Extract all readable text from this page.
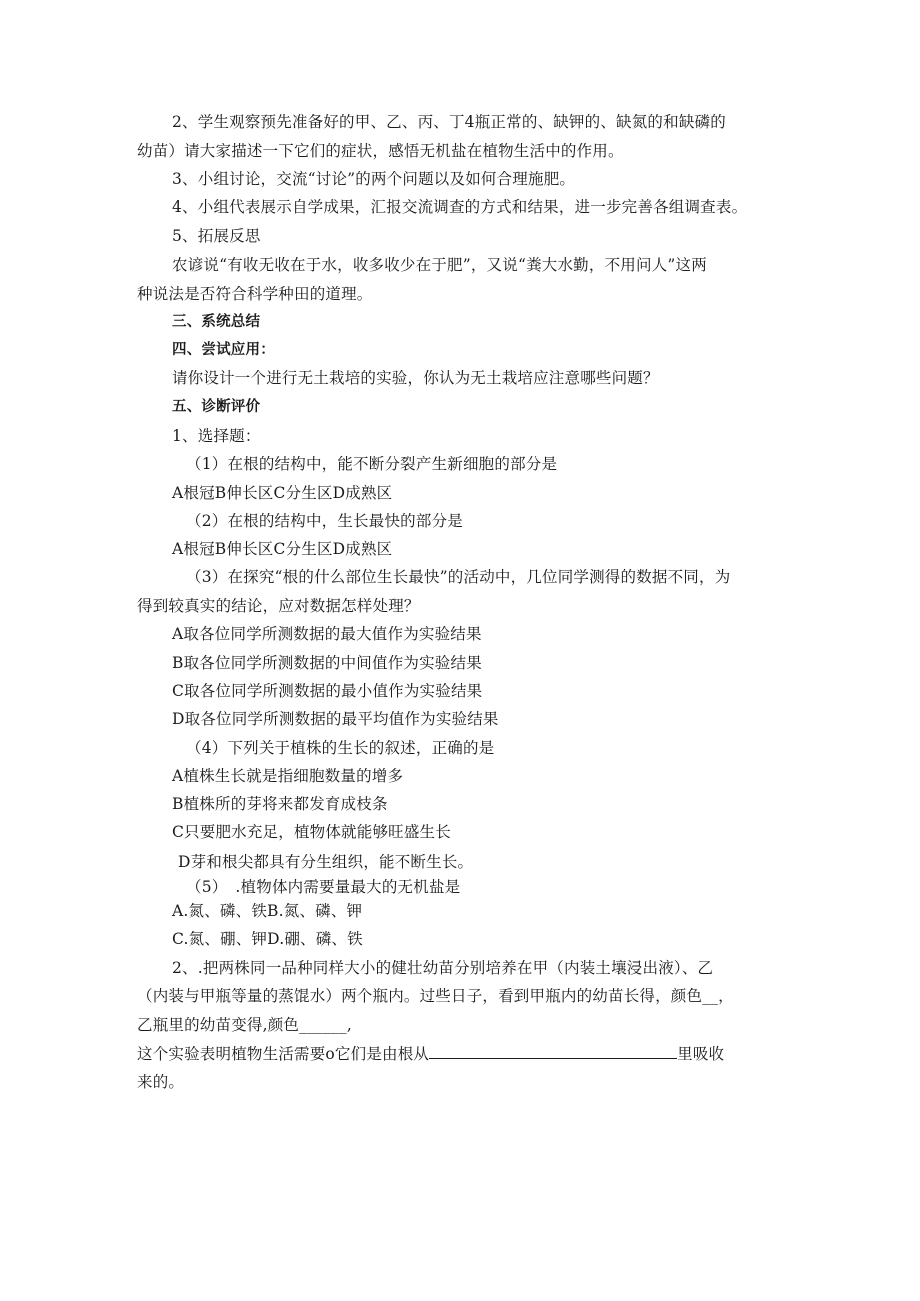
2、学生观察预先准备好的甲、乙、丙、丁4瓶正常的、缺钾的、缺氮的和缺磷的
幼苗）请大家描述一下它们的症状，感悟无机盐在植物生活中的作用。
3、小组讨论，交流“讨论”的两个问题以及如何合理施肥。
4、小组代表展示自学成果，汇报交流调查的方式和结果，进一步完善各组调查表。
5、拓展反思
农谚说“有收无收在于水，收多收少在于肥”，又说“粪大水勤，不用问人”这两
种说法是否符合科学种田的道理。
三、系统总结
四、尝试应用：
请你设计一个进行无土栽培的实验，你认为无土栽培应注意哪些问题？
五、诊断评价
1、选择题：
（1）在根的结构中，能不断分裂产生新细胞的部分是
A根冠B伸长区C分生区D成熟区
（2）在根的结构中，生长最快的部分是
A根冠B伸长区C分生区D成熟区
（3）在探究“根的什么部位生长最快”的活动中，几位同学测得的数据不同，为
得到较真实的结论，应对数据怎样处理？
A取各位同学所测数据的最大值作为实验结果
B取各位同学所测数据的中间值作为实验结果
C取各位同学所测数据的最小值作为实验结果
D取各位同学所测数据的最平均值作为实验结果
（4）下列关于植株的生长的叙述，正确的是
A植株生长就是指细胞数量的增多
B植株所的芽将来都发育成枝条
C只要肥水充足，植物体就能够旺盛生长
D芽和根尖都具有分生组织，能不断生长。
（5）　.植物体内需要量最大的无机盐是
A.氮、磷、铁B.氮、磷、钾
C.氮、硼、钾D.硼、磷、铁
2、.把两株同一品种同样大小的健壮幼苗分别培养在甲（内装土壤浸出液）、乙
（内装与甲瓶等量的蒸馄水）两个瓶内。过些日子，看到甲瓶内的幼苗长得，颜色__，
乙瓶里的幼苗变得,颜色______,
这个实验表明植物生活需要o它们是由根从	里吸收
来的。
